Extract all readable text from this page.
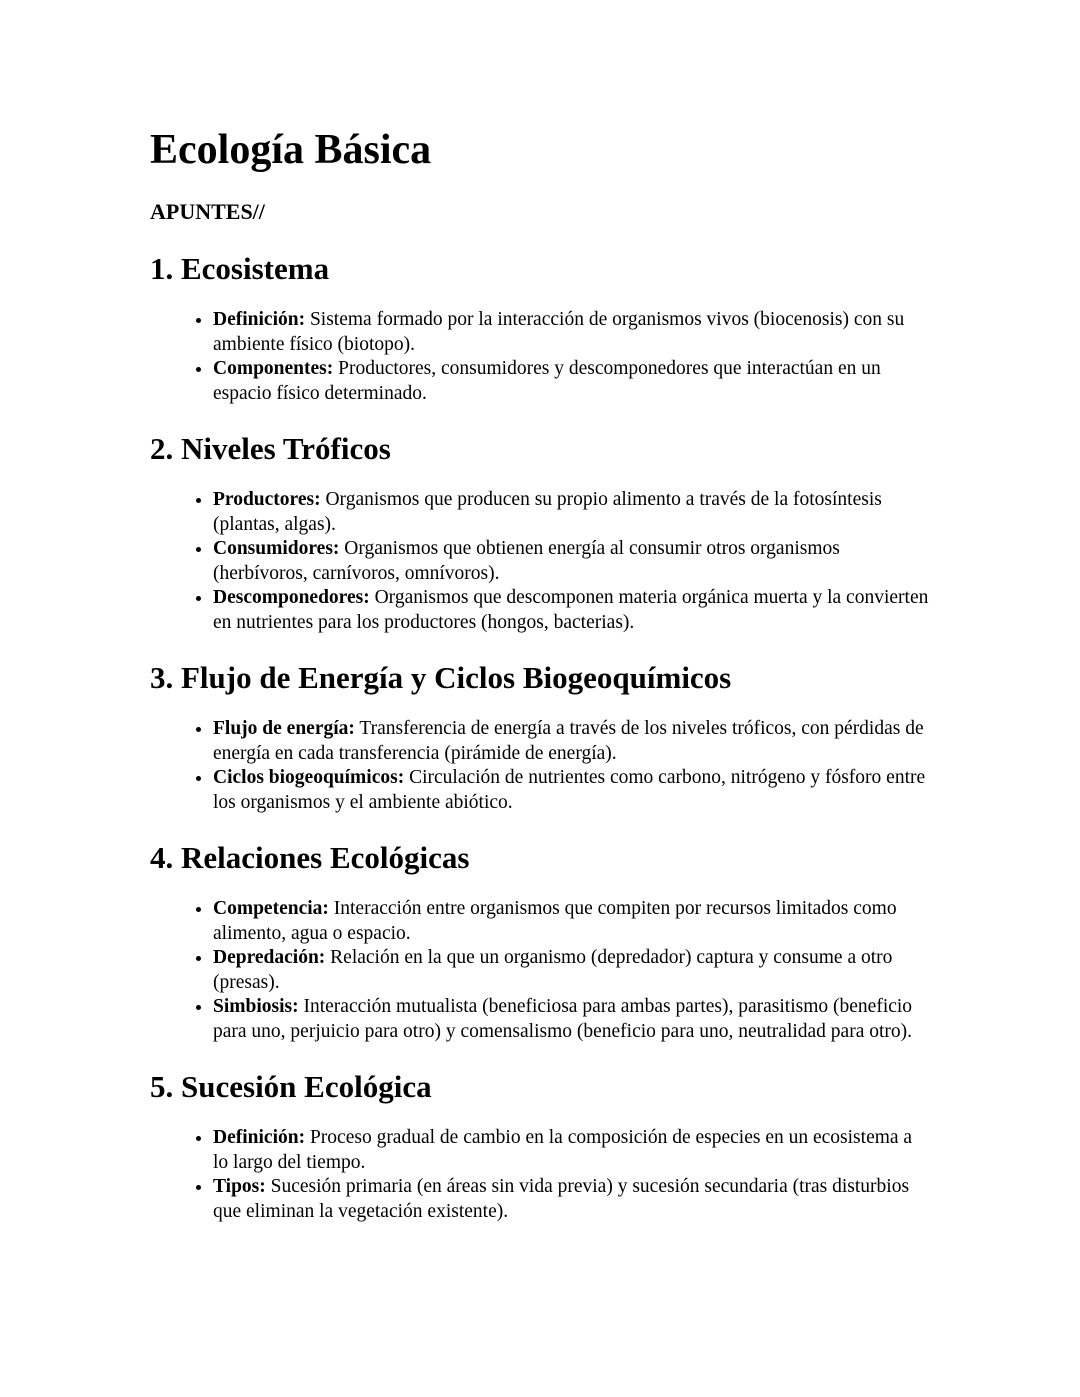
Ecología Básica
APUNTES//
1. Ecosistema
• Definición: Sistema formado por la interacción de organismos vivos (biocenosis) con su ambiente físico (biotopo).
• Componentes: Productores, consumidores y descomponedores que interactúan en un espacio físico determinado.
2. Niveles Tróficos
• Productores: Organismos que producen su propio alimento a través de la fotosíntesis (plantas, algas).
• Consumidores: Organismos que obtienen energía al consumir otros organismos (herbívoros, carnívoros, omnívoros).
• Descomponedores: Organismos que descomponen materia orgánica muerta y la convierten en nutrientes para los productores (hongos, bacterias).
3. Flujo de Energía y Ciclos Biogeoquímicos
• Flujo de energía: Transferencia de energía a través de los niveles tróficos, con pérdidas de energía en cada transferencia (pirámide de energía).
• Ciclos biogeoquímicos: Circulación de nutrientes como carbono, nitrógeno y fósforo entre los organismos y el ambiente abiótico.
4. Relaciones Ecológicas
• Competencia: Interacción entre organismos que compiten por recursos limitados como alimento, agua o espacio.
• Depredación: Relación en la que un organismo (depredador) captura y consume a otro (presas).
• Simbiosis: Interacción mutualista (beneficiosa para ambas partes), parasitismo (beneficio para uno, perjuicio para otro) y comensalismo (beneficio para uno, neutralidad para otro).
5. Sucesión Ecológica
• Definición: Proceso gradual de cambio en la composición de especies en un ecosistema a lo largo del tiempo.
• Tipos: Sucesión primaria (en áreas sin vida previa) y sucesión secundaria (tras disturbios que eliminan la vegetación existente).
